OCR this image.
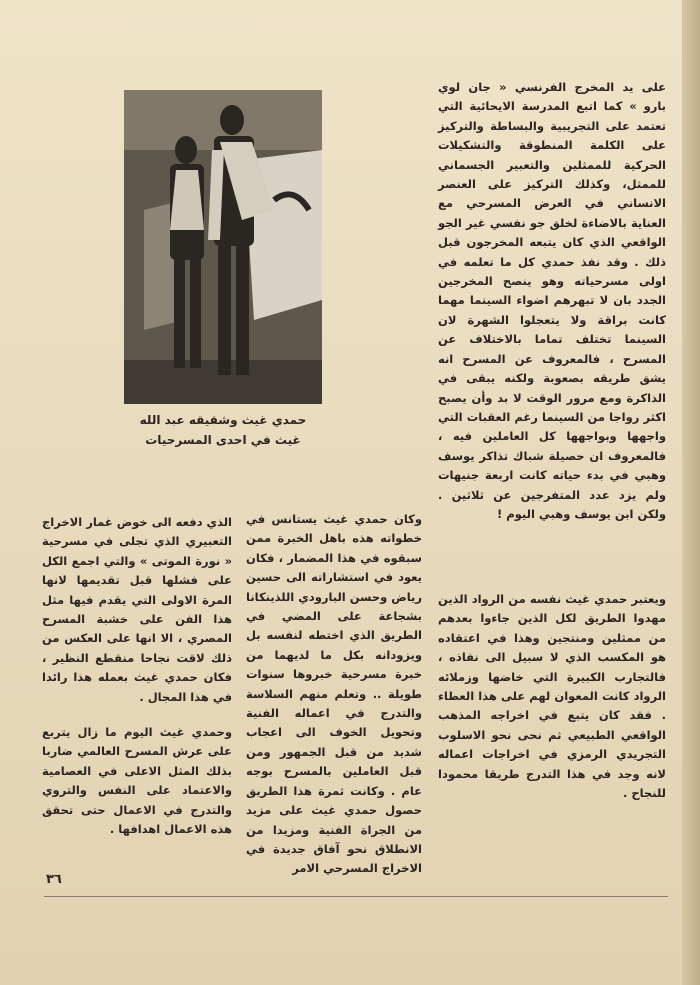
على يد المخرج الفرنسي « جان لوي بارو » كما اتبع المدرسة الايحائية التي تعتمد على التجريبية والبساطة والتركيز على الكلمة المنطوقة والتشكيلات الحركية للممثلين والتعبير الجسماني للممثل، وكذلك التركيز على العنصر الانساني في العرض المسرحي مع العناية بالاضاءة لخلق جو نفسي غير الجو الواقعي الذي كان يتبعه المخرجون قبل ذلك . وقد نفذ حمدي كل ما تعلمه في اولى مسرحياته وهو ينصح المخرجين الجدد بان لا تبهرهم اضواء السينما مهما كانت براقة ولا يتعجلوا الشهرة لان السينما تختلف تماما بالاختلاف عن المسرح ، فالمعروف عن المسرح انه يشق طريقه بصعوبة ولكنه يبقى في الذاكرة ومع مرور الوقت لا بد وأن يصبح اكثر رواجا من السينما رغم العقبات التي واجهها وبواجهها كل العاملين فيه ، فالمعروف ان حصيلة شباك تذاكر يوسف وهبي في بدء حياته كانت اربعة جنيهات ولم يزد عدد المتفرجين عن ثلاثين . ولكن ابن يوسف وهبي اليوم !

ويعتبر حمدي غيث نفسه من الرواد الذين مهدوا الطريق لكل الذين جاءوا بعدهم من ممثلين ومنتجين وهذا في اعتقاده هو المكسب الذي لا سبيل الى نفاذه ، فالتجارب الكبيرة التي خاضها وزملائه الرواد كانت المعوان لهم على هذا العطاء . فقد كان يتبع في اخراجه المذهب الواقعي الطبيعي ثم نحى نحو الاسلوب التجريدي الرمزي في اخراجات اعماله لانه وجد في هذا التدرج طريقا محمودا للنجاح .

حمدي غيث وشقيقه عبد الله
غيث في احدى المسرحيات

وكان حمدي غيث يستانس في خطواته هذه باهل الخبرة ممن سبقوه في هذا المضمار ، فكان يعود في استشاراته الى حسين رياض وحسن البارودي اللذينكانا بشجاعة على المضي في الطريق الذي اختطه لنفسه بل ويزودانه بكل ما لديهما من خبرة مسرحية خبروها سنوات طويلة .. وتعلم منهم السلاسة والتدرج في اعماله الفنية وتحويل الخوف الى اعجاب شديد من قبل الجمهور ومن قبل العاملين بالمسرح بوجه عام . وكانت ثمرة هذا الطريق حصول حمدي غيث على مزيد من الجراة الفنية ومزيدا من الانطلاق نحو آفاق جديدة في الاخراج المسرحي الامر

الذي دفعه الى خوض غمار الاخراج التعبيري الذي تجلى في مسرحية « نورة الموتى » والتي اجمع الكل على فشلها قبل تقديمها لانها المرة الاولى التي يقدم فيها مثل هذا الفن على خشبة المسرح المصري ، الا انها على العكس من ذلك لاقت نجاحا منقطع النظير ، فكان حمدي غيث بعمله هذا رائدا في هذا المجال .

وحمدي غيث اليوم ما زال يتربع على عرش المسرح العالمي ضاربا بذلك المثل الاعلى في العصامية والاعتماد على النفس والتروي والتدرج في الاعمال حتى تحقق هذه الاعمال اهدافها .

٣٦
